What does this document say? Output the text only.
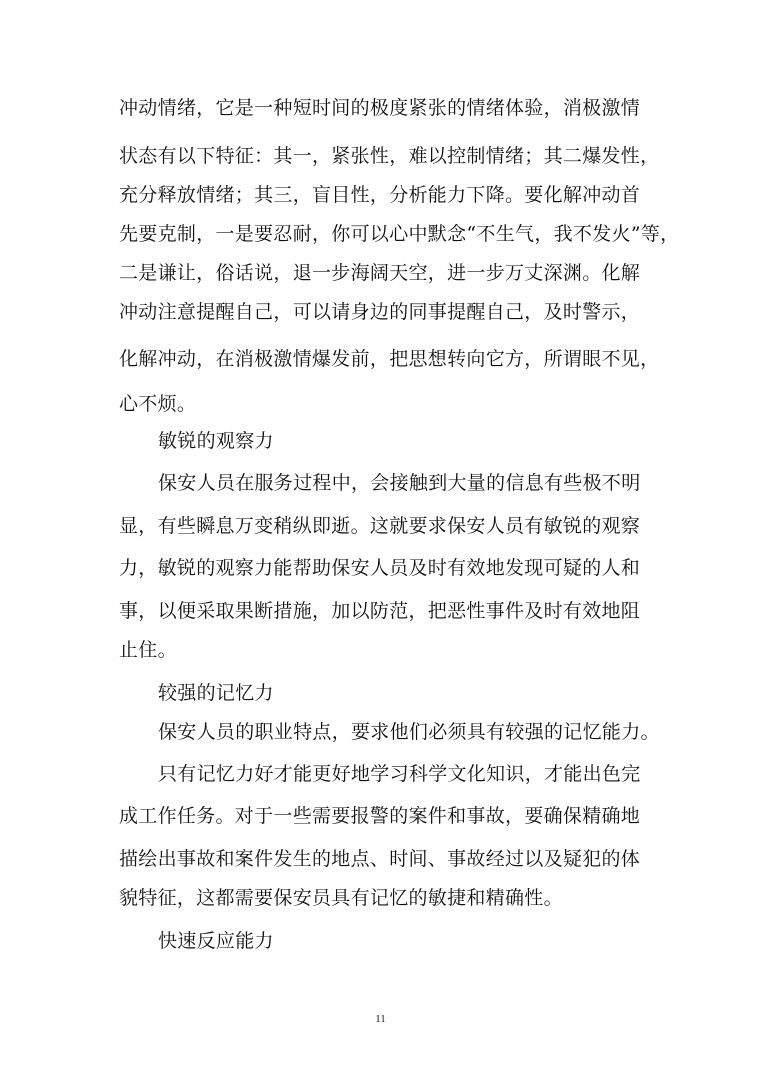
冲动情绪，它是一种短时间的极度紧张的情绪体验，消极激情
状态有以下特征：其一，紧张性，难以控制情绪；其二爆发性，
充分释放情绪；其三，盲目性，分析能力下降。要化解冲动首
先要克制，一是要忍耐，你可以心中默念“不生气，我不发火”等，
二是谦让，俗话说，退一步海阔天空，进一步万丈深渊。化解
冲动注意提醒自己，可以请身边的同事提醒自己，及时警示，
化解冲动，在消极激情爆发前，把思想转向它方，所谓眼不见，
心不烦。
敏锐的观察力
保安人员在服务过程中，会接触到大量的信息有些极不明
显，有些瞬息万变稍纵即逝。这就要求保安人员有敏锐的观察
力，敏锐的观察力能帮助保安人员及时有效地发现可疑的人和
事，以便采取果断措施，加以防范，把恶性事件及时有效地阻
止住。
较强的记忆力
保安人员的职业特点，要求他们必须具有较强的记忆能力。
只有记忆力好才能更好地学习科学文化知识，才能出色完
成工作任务。对于一些需要报警的案件和事故，要确保精确地
描绘出事故和案件发生的地点、时间、事故经过以及疑犯的体
貌特征，这都需要保安员具有记忆的敏捷和精确性。
快速反应能力
11
